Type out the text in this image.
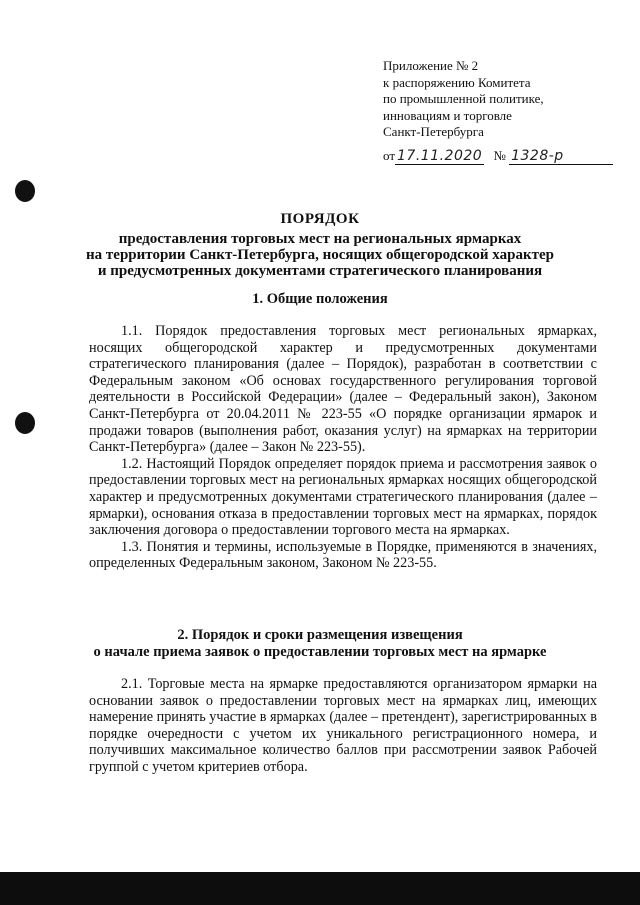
Приложение № 2
к распоряжению Комитета
по промышленной политике,
инновациям и торговле
Санкт-Петербурга
от 17.11.2020 № 1328-р
ПОРЯДОК
предоставления торговых мест на региональных ярмарках
на территории Санкт-Петербурга, носящих общегородской характер
и предусмотренных документами стратегического планирования
1. Общие положения

1.1. Порядок предоставления торговых мест региональных ярмарках, носящих общегородской характер и предусмотренных документами стратегического планирования (далее – Порядок), разработан в соответствии с Федеральным законом «Об основах государственного регулирования торговой деятельности в Российской Федерации» (далее – Федеральный закон), Законом Санкт-Петербурга от 20.04.2011 № 223-55 «О порядке организации ярмарок и продажи товаров (выполнения работ, оказания услуг) на ярмарках на территории Санкт-Петербурга» (далее – Закон № 223-55).

1.2. Настоящий Порядок определяет порядок приема и рассмотрения заявок о предоставлении торговых мест на региональных ярмарках носящих общегородской характер и предусмотренных документами стратегического планирования (далее – ярмарки), основания отказа в предоставлении торговых мест на ярмарках, порядок заключения договора о предоставлении торгового места на ярмарках.

1.3. Понятия и термины, используемые в Порядке, применяются в значениях, определенных Федеральным законом, Законом № 223-55.

2. Порядок и сроки размещения извещения
о начале приема заявок о предоставлении торговых мест на ярмарке

2.1. Торговые места на ярмарке предоставляются организатором ярмарки на основании заявок о предоставлении торговых мест на ярмарках лиц, имеющих намерение принять участие в ярмарках (далее – претендент), зарегистрированных в порядке очередности с учетом их уникального регистрационного номера, и получивших максимальное количество баллов при рассмотрении заявок Рабочей группой с учетом критериев отбора.
